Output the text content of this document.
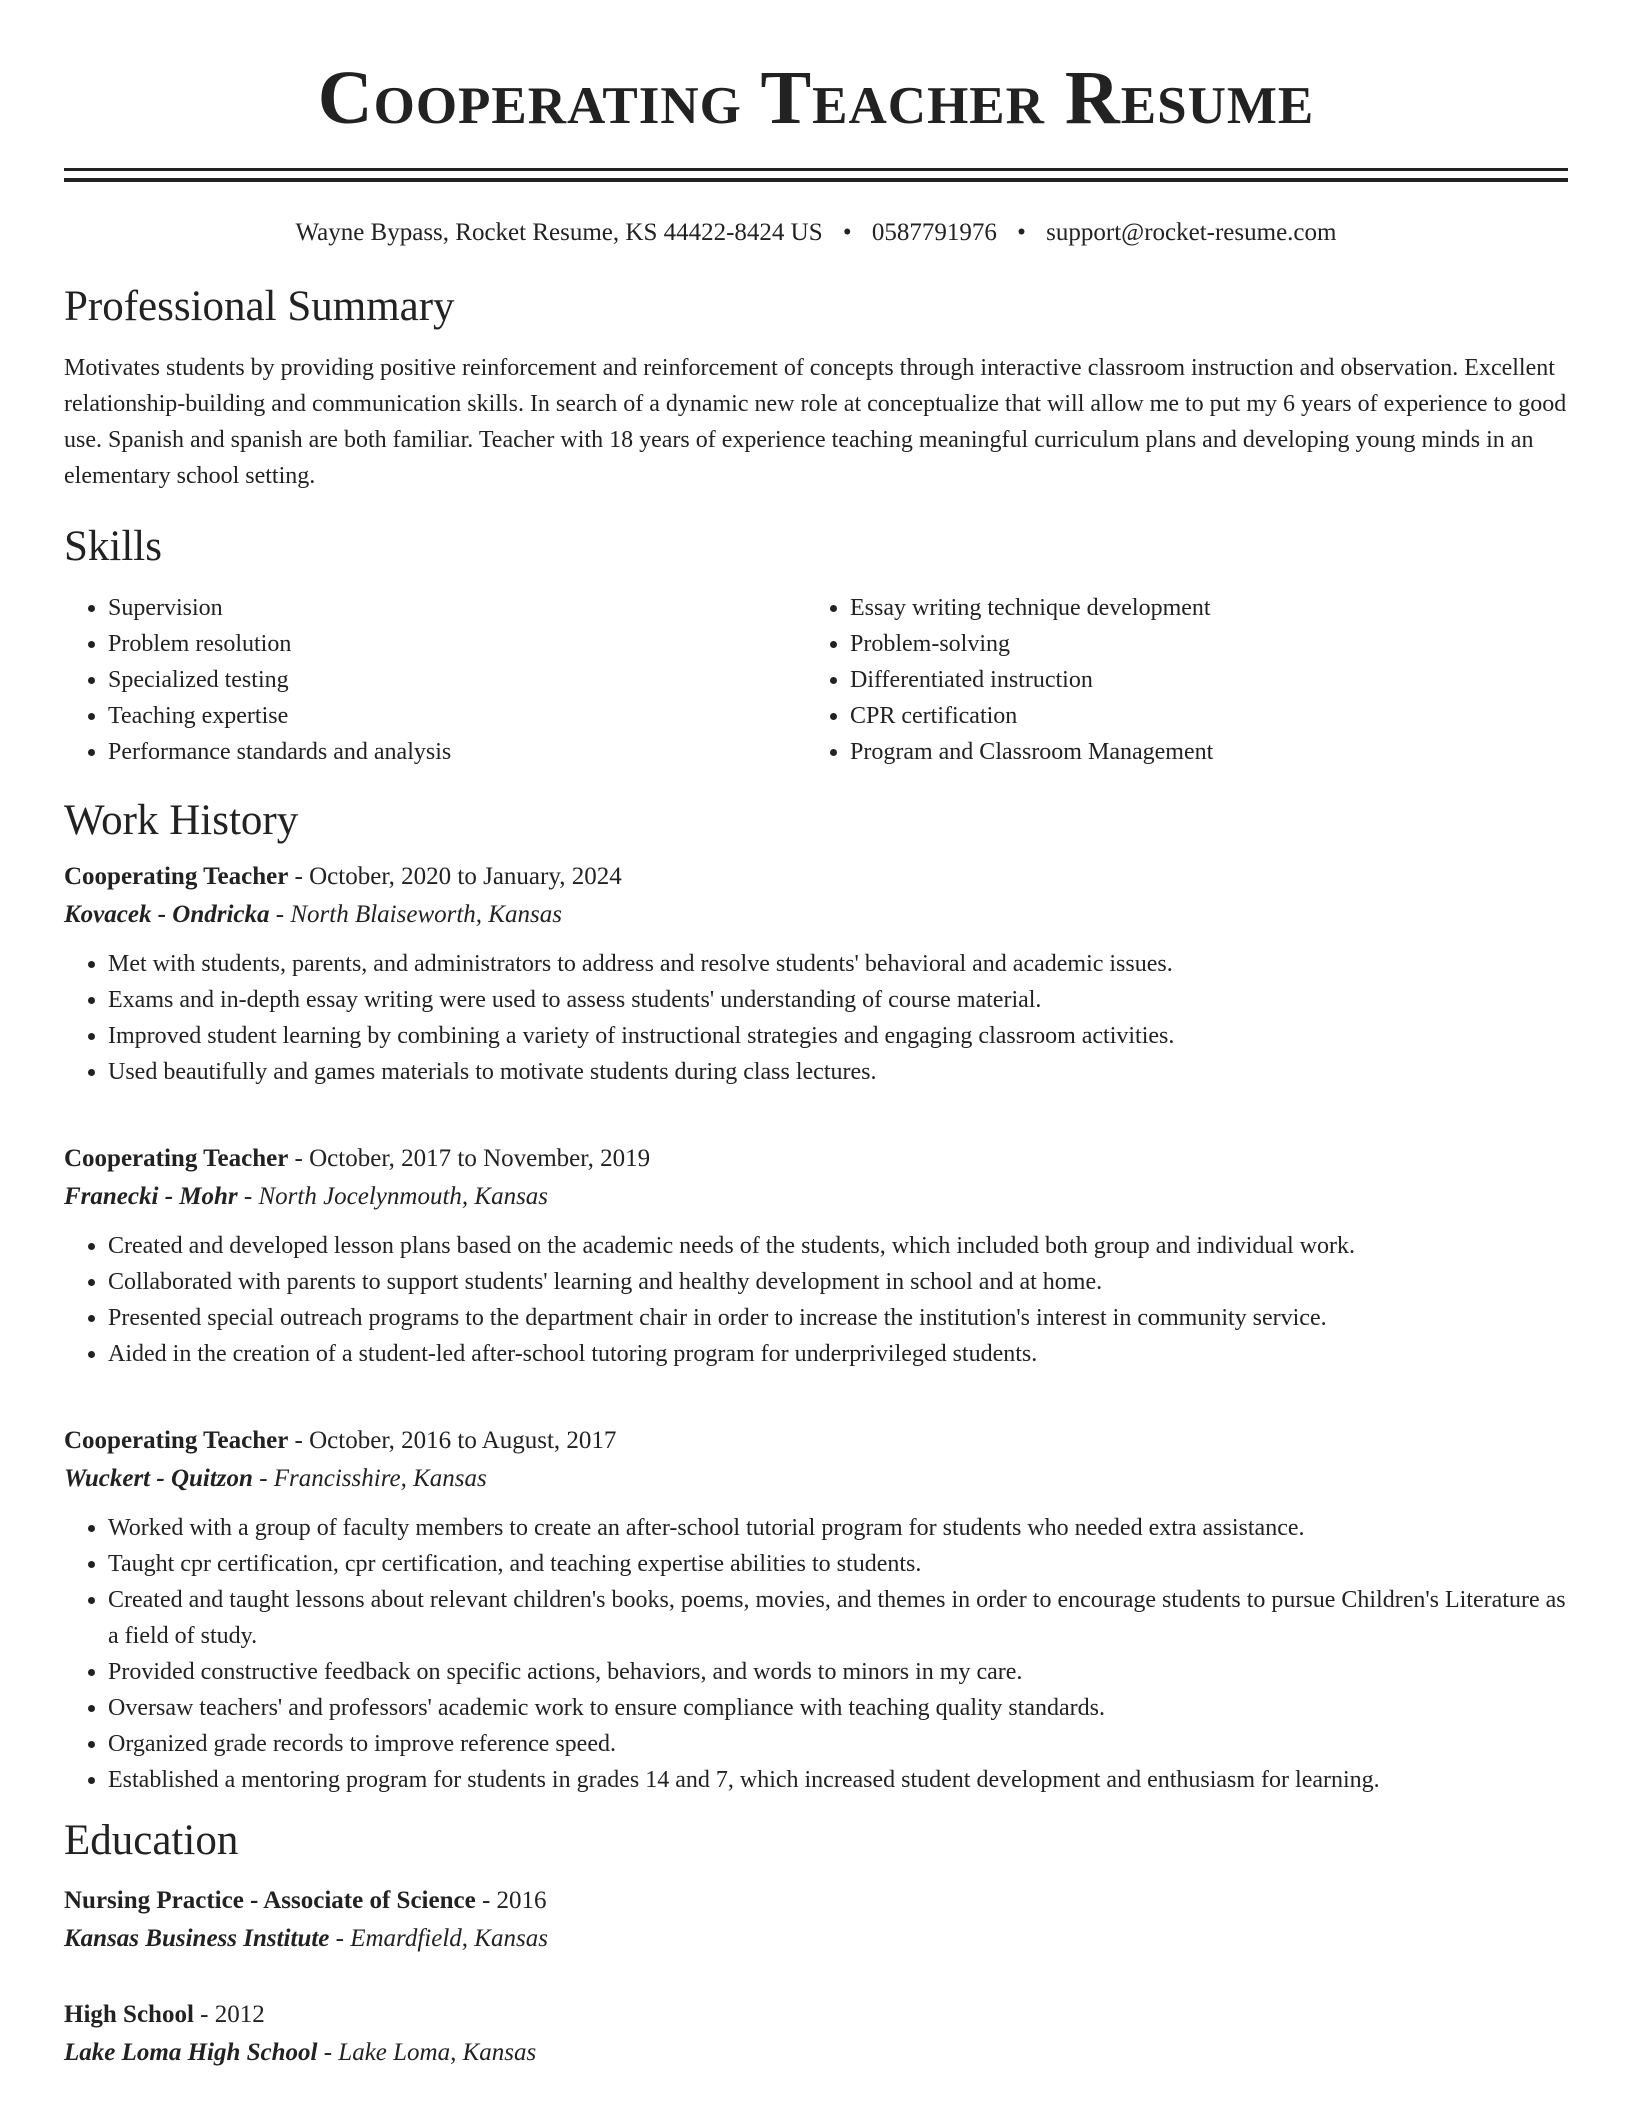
Cooperating Teacher Resume
Wayne Bypass, Rocket Resume, KS 44422-8424 US • 0587791976 • support@rocket-resume.com
Professional Summary

Motivates students by providing positive reinforcement and reinforcement of concepts through interactive classroom instruction and observation. Excellent relationship-building and communication skills. In search of a dynamic new role at conceptualize that will allow me to put my 6 years of experience to good use. Spanish and spanish are both familiar. Teacher with 18 years of experience teaching meaningful curriculum plans and developing young minds in an elementary school setting.

Skills
• Supervision
• Problem resolution
• Specialized testing
• Teaching expertise
• Performance standards and analysis
• Essay writing technique development
• Problem-solving
• Differentiated instruction
• CPR certification
• Program and Classroom Management
Work History
Cooperating Teacher - October, 2020 to January, 2024
Kovacek - Ondricka - North Blaiseworth, Kansas
• Met with students, parents, and administrators to address and resolve students' behavioral and academic issues.
• Exams and in-depth essay writing were used to assess students' understanding of course material.
• Improved student learning by combining a variety of instructional strategies and engaging classroom activities.
• Used beautifully and games materials to motivate students during class lectures.
Cooperating Teacher - October, 2017 to November, 2019
Franecki - Mohr - North Jocelynmouth, Kansas
• Created and developed lesson plans based on the academic needs of the students, which included both group and individual work.
• Collaborated with parents to support students' learning and healthy development in school and at home.
• Presented special outreach programs to the department chair in order to increase the institution's interest in community service.
• Aided in the creation of a student-led after-school tutoring program for underprivileged students.
Cooperating Teacher - October, 2016 to August, 2017
Wuckert - Quitzon - Francisshire, Kansas
• Worked with a group of faculty members to create an after-school tutorial program for students who needed extra assistance.
• Taught cpr certification, cpr certification, and teaching expertise abilities to students.
• Created and taught lessons about relevant children's books, poems, movies, and themes in order to encourage students to pursue Children's Literature as a field of study.
• Provided constructive feedback on specific actions, behaviors, and words to minors in my care.
• Oversaw teachers' and professors' academic work to ensure compliance with teaching quality standards.
• Organized grade records to improve reference speed.
• Established a mentoring program for students in grades 14 and 7, which increased student development and enthusiasm for learning.
Education
Nursing Practice - Associate of Science - 2016
Kansas Business Institute - Emardfield, Kansas
High School - 2012
Lake Loma High School - Lake Loma, Kansas
